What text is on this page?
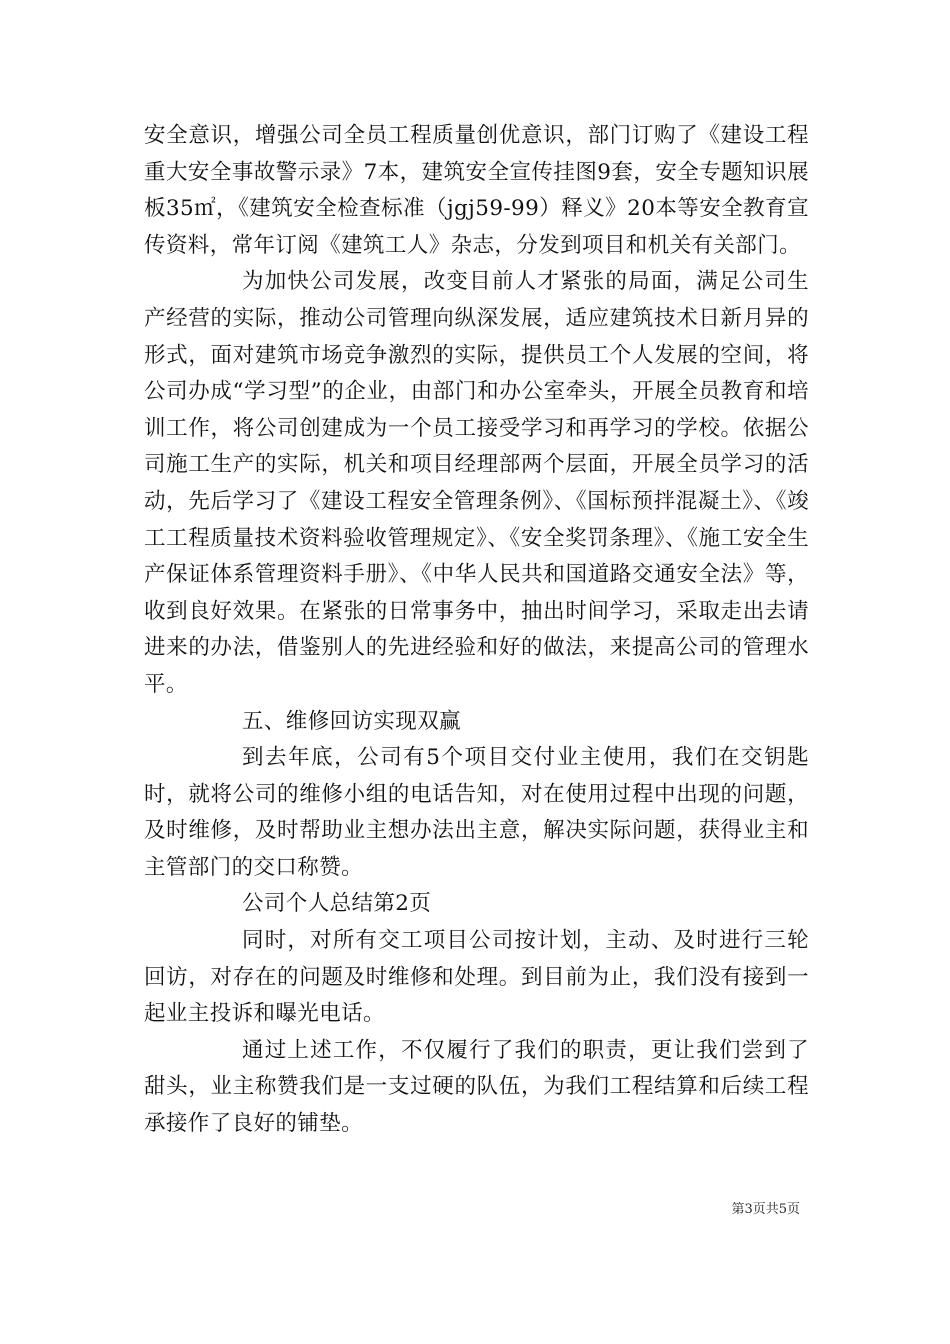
安全意识，增强公司全员工程质量创优意识，部门订购了《建设工程重大安全事故警示录》7本，建筑安全宣传挂图9套，安全专题知识展板35㎡，《建筑安全检查标准（jgj59-99）释义》20本等安全教育宣传资料，常年订阅《建筑工人》杂志，分发到项目和机关有关部门。

为加快公司发展，改变目前人才紧张的局面，满足公司生产经营的实际，推动公司管理向纵深发展，适应建筑技术日新月异的形式，面对建筑市场竞争激烈的实际，提供员工个人发展的空间，将公司办成“学习型”的企业，由部门和办公室牵头，开展全员教育和培训工作，将公司创建成为一个员工接受学习和再学习的学校。依据公司施工生产的实际，机关和项目经理部两个层面，开展全员学习的活动，先后学习了《建设工程安全管理条例》、《国标预拌混凝土》、《竣工工程质量技术资料验收管理规定》、《安全奖罚条理》、《施工安全生产保证体系管理资料手册》、《中华人民共和国道路交通安全法》等，收到良好效果。在紧张的日常事务中，抽出时间学习，采取走出去请进来的办法，借鉴别人的先进经验和好的做法，来提高公司的管理水平。

五、维修回访实现双赢

到去年底，公司有5个项目交付业主使用，我们在交钥匙时，就将公司的维修小组的电话告知，对在使用过程中出现的问题，及时维修，及时帮助业主想办法出主意，解决实际问题，获得业主和主管部门的交口称赞。

公司个人总结第2页

同时，对所有交工项目公司按计划，主动、及时进行三轮回访，对存在的问题及时维修和处理。到目前为止，我们没有接到一起业主投诉和曝光电话。

通过上述工作，不仅履行了我们的职责，更让我们尝到了甜头，业主称赞我们是一支过硬的队伍，为我们工程结算和后续工程承接作了良好的铺垫。

第3页共5页
